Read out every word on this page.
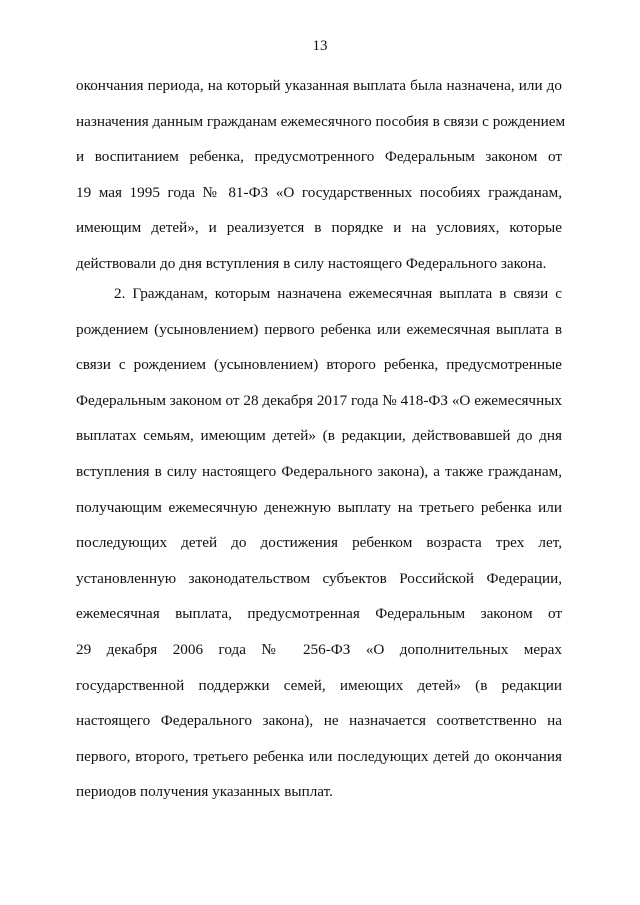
13

окончания периода, на который указанная выплата была назначена, или до
назначения данным гражданам ежемесячного пособия в связи с рождением
и воспитанием ребенка, предусмотренного Федеральным законом от
19 мая 1995 года № 81-ФЗ «О государственных пособиях гражданам,
имеющим детей», и реализуется в порядке и на условиях, которые
действовали до дня вступления в силу настоящего Федерального закона.

2. Гражданам, которым назначена ежемесячная выплата в связи с
рождением (усыновлением) первого ребенка или ежемесячная выплата в
связи с рождением (усыновлением) второго ребенка, предусмотренные
Федеральным законом от 28 декабря 2017 года № 418-ФЗ «О ежемесячных
выплатах семьям, имеющим детей» (в редакции, действовавшей до дня
вступления в силу настоящего Федерального закона), а также гражданам,
получающим ежемесячную денежную выплату на третьего ребенка или
последующих детей до достижения ребенком возраста трех лет,
установленную законодательством субъектов Российской Федерации,
ежемесячная выплата, предусмотренная Федеральным законом от
29 декабря 2006 года № 256-ФЗ «О дополнительных мерах
государственной поддержки семей, имеющих детей» (в редакции
настоящего Федерального закона), не назначается соответственно на
первого, второго, третьего ребенка или последующих детей до окончания
периодов получения указанных выплат.
